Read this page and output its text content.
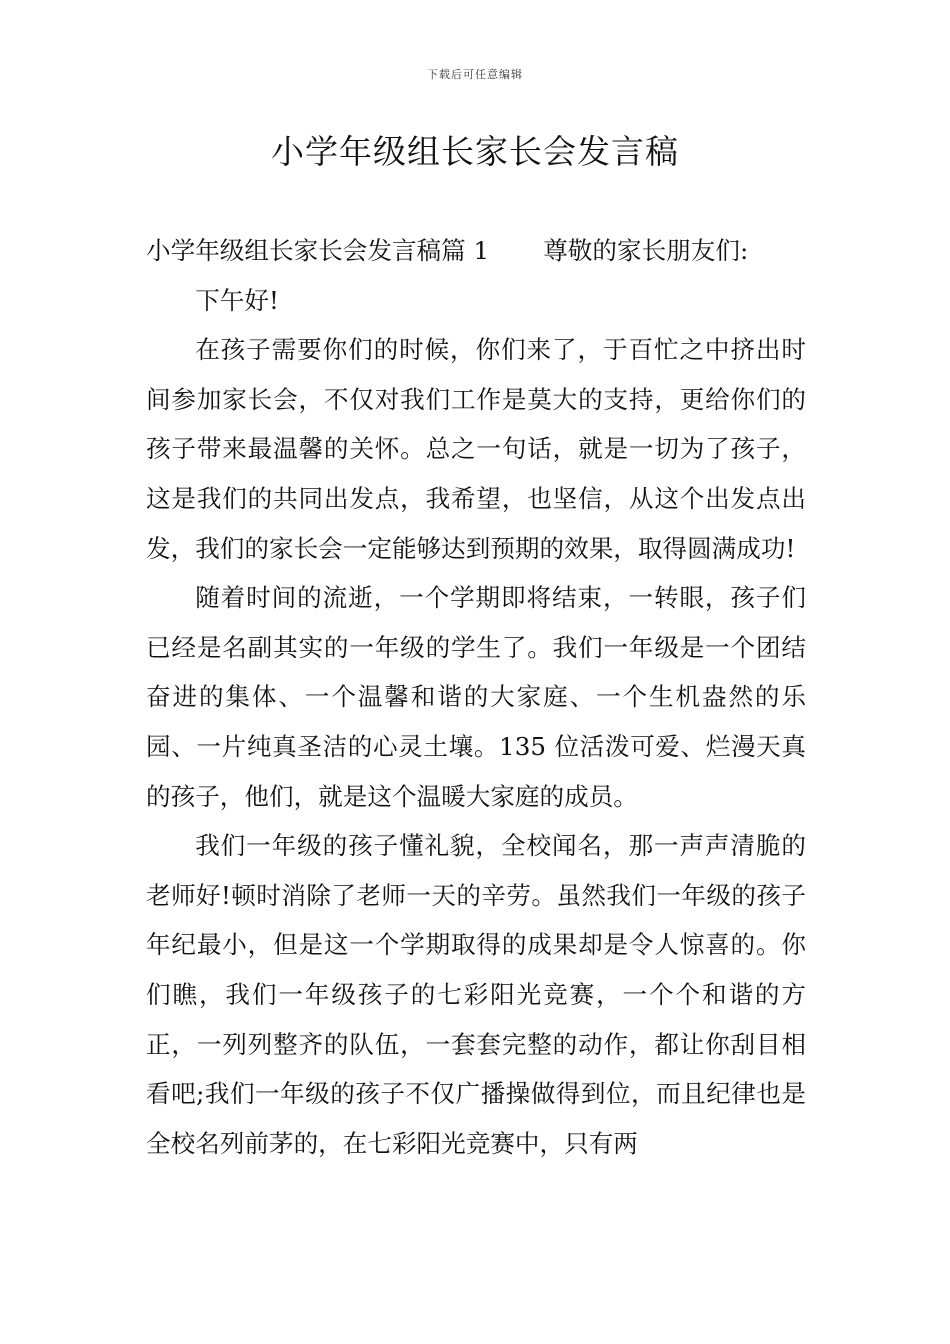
下载后可任意编辑
小学年级组长家长会发言稿

小学年级组长家长会发言稿篇 1 尊敬的家长朋友们:

下午好!

在孩子需要你们的时候，你们来了，于百忙之中挤出时间参加家长会，不仅对我们工作是莫大的支持，更给你们的孩子带来最温馨的关怀。总之一句话，就是一切为了孩子，这是我们的共同出发点，我希望，也坚信，从这个出发点出发，我们的家长会一定能够达到预期的效果，取得圆满成功!

随着时间的流逝，一个学期即将结束，一转眼，孩子们已经是名副其实的一年级的学生了。我们一年级是一个团结奋进的集体、一个温馨和谐的大家庭、一个生机盎然的乐园、一片纯真圣洁的心灵土壤。135 位活泼可爱、烂漫天真的孩子，他们，就是这个温暖大家庭的成员。

我们一年级的孩子懂礼貌，全校闻名，那一声声清脆的老师好!顿时消除了老师一天的辛劳。虽然我们一年级的孩子年纪最小，但是这一个学期取得的成果却是令人惊喜的。你们瞧，我们一年级孩子的七彩阳光竞赛，一个个和谐的方正，一列列整齐的队伍，一套套完整的动作，都让你刮目相看吧;我们一年级的孩子不仅广播操做得到位，而且纪律也是全校名列前茅的，在七彩阳光竞赛中，只有两
